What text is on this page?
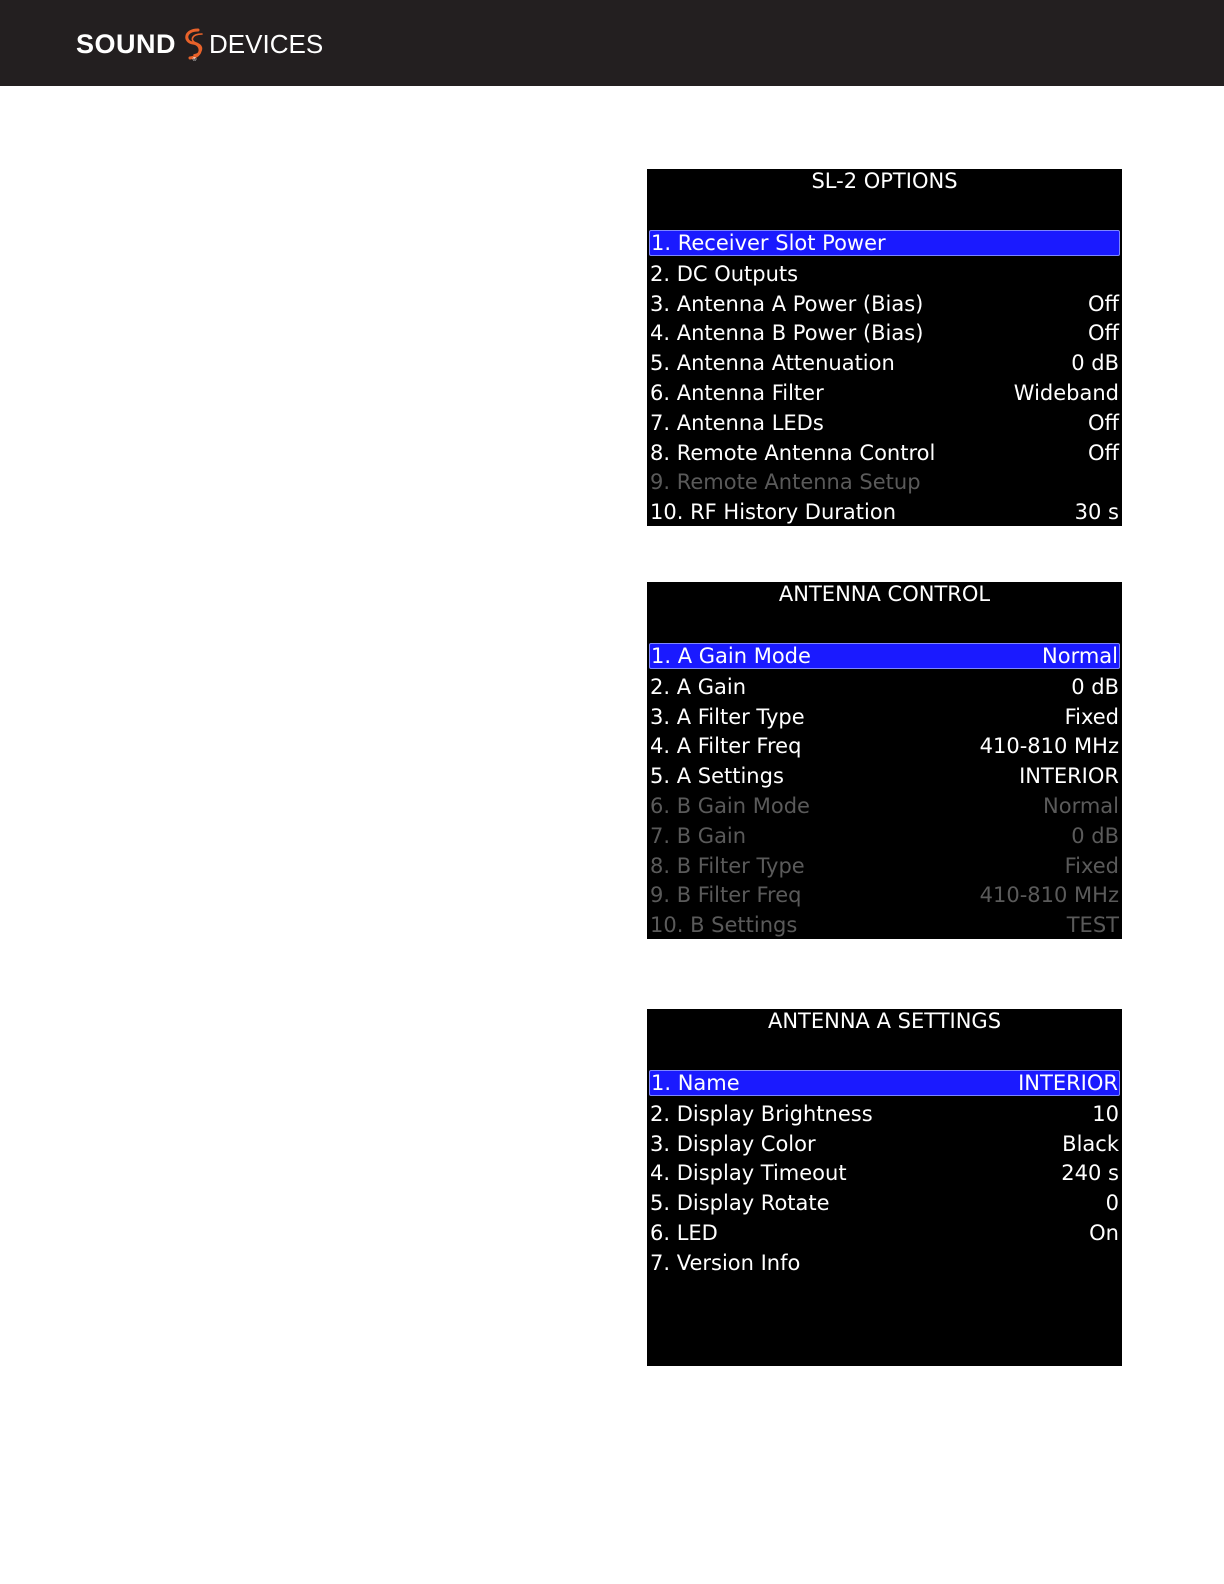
SOUND
®
DEVICES
SL-2 OPTIONS
1. Receiver Slot Power
2. DC Outputs
3. Antenna A Power (Bias)	Off
4. Antenna B Power (Bias)	Off
5. Antenna Attenuation	0 dB
6. Antenna Filter	Wideband
7. Antenna LEDs	Off
8. Remote Antenna Control	Off
9. Remote Antenna Setup
10. RF History Duration	30 s
ANTENNA CONTROL
1. A Gain Mode	Normal
2. A Gain	0 dB
3. A Filter Type	Fixed
4. A Filter Freq	410-810 MHz
5. A Settings	INTERIOR
6. B Gain Mode	Normal
7. B Gain	0 dB
8. B Filter Type	Fixed
9. B Filter Freq	410-810 MHz
10. B Settings	TEST
ANTENNA A SETTINGS
1. Name	INTERIOR
2. Display Brightness	10
3. Display Color	Black
4. Display Timeout	240 s
5. Display Rotate	0
6. LED	On
7. Version Info
